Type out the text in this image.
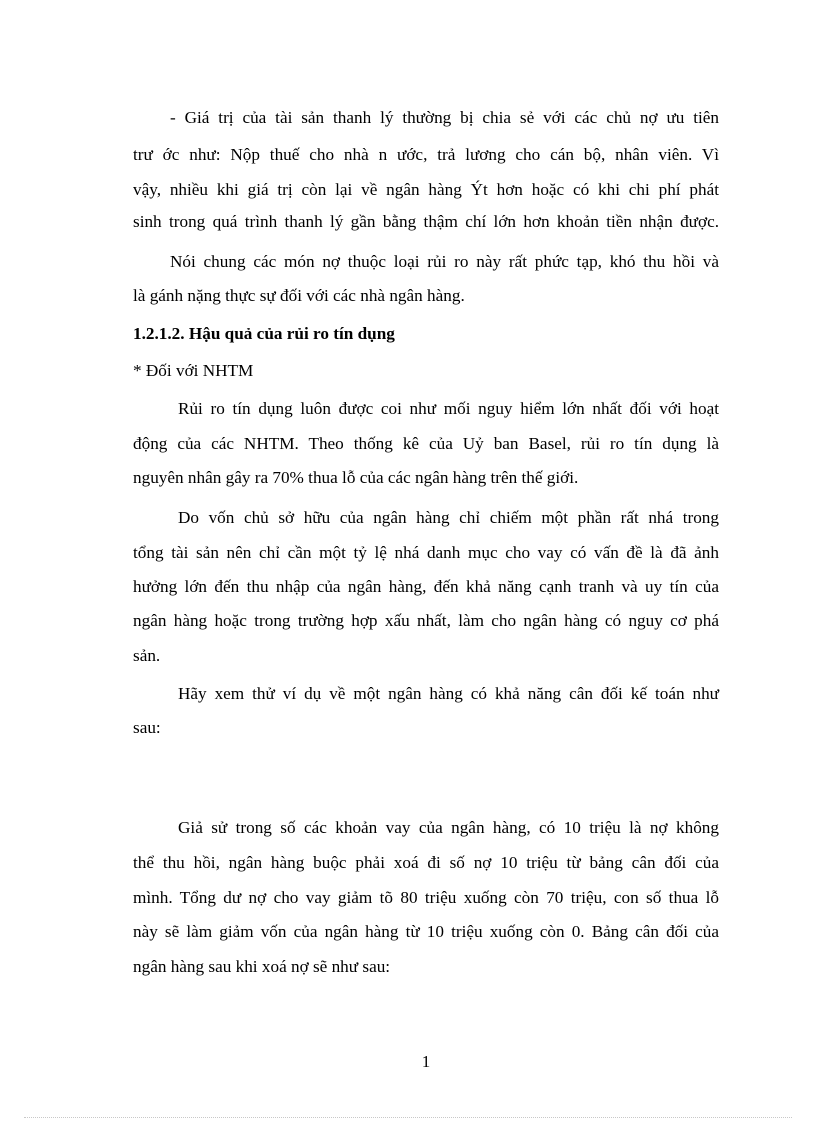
- Giá trị của tài sản thanh lý thường bị chia sẻ với các chủ nợ ưu tiên
trư ớc như: Nộp thuế cho nhà n ước, trả lương cho cán bộ, nhân viên. Vì
vậy, nhiều khi giá trị còn lại về ngân hàng Ýt hơn hoặc có khi chi phí phát
sinh trong quá trình thanh lý gần bằng thậm chí lớn hơn khoản tiền nhận được.
Nói chung các món nợ thuộc loại rủi ro này rất phức tạp, khó thu hồi và
là gánh nặng thực sự đối với các nhà ngân hàng.
1.2.1.2. Hậu quả của rủi ro tín dụng
* Đối với NHTM
Rủi ro tín dụng luôn được coi như mối nguy hiểm lớn nhất đối với hoạt
động của các NHTM. Theo thống kê của Uỷ ban Basel, rủi ro tín dụng là
nguyên nhân gây ra 70% thua lỗ của các ngân hàng trên thế giới.
Do vốn chủ sở hữu của ngân hàng chỉ chiếm một phần rất nhá trong
tổng tài sản nên chỉ cần một tỷ lệ nhá danh mục cho vay có vấn đề là đã ảnh
hưởng lớn đến thu nhập của ngân hàng, đến khả năng cạnh tranh và uy tín của
ngân hàng hoặc trong trường hợp xấu nhất, làm cho ngân hàng có nguy cơ phá
sản.
Hãy xem thử ví dụ về một ngân hàng có khả năng cân đối kế toán như
sau:
Giả sử trong số các khoản vay của ngân hàng, có 10 triệu là nợ không
thể thu hồi, ngân hàng buộc phải xoá đi số nợ 10 triệu từ bảng cân đối của
mình. Tổng dư nợ cho vay giảm tõ 80 triệu xuống còn 70 triệu, con số thua lỗ
này sẽ làm giảm vốn của ngân hàng từ 10 triệu xuống còn 0. Bảng cân đối của
ngân hàng sau khi xoá nợ sẽ như sau:
1
